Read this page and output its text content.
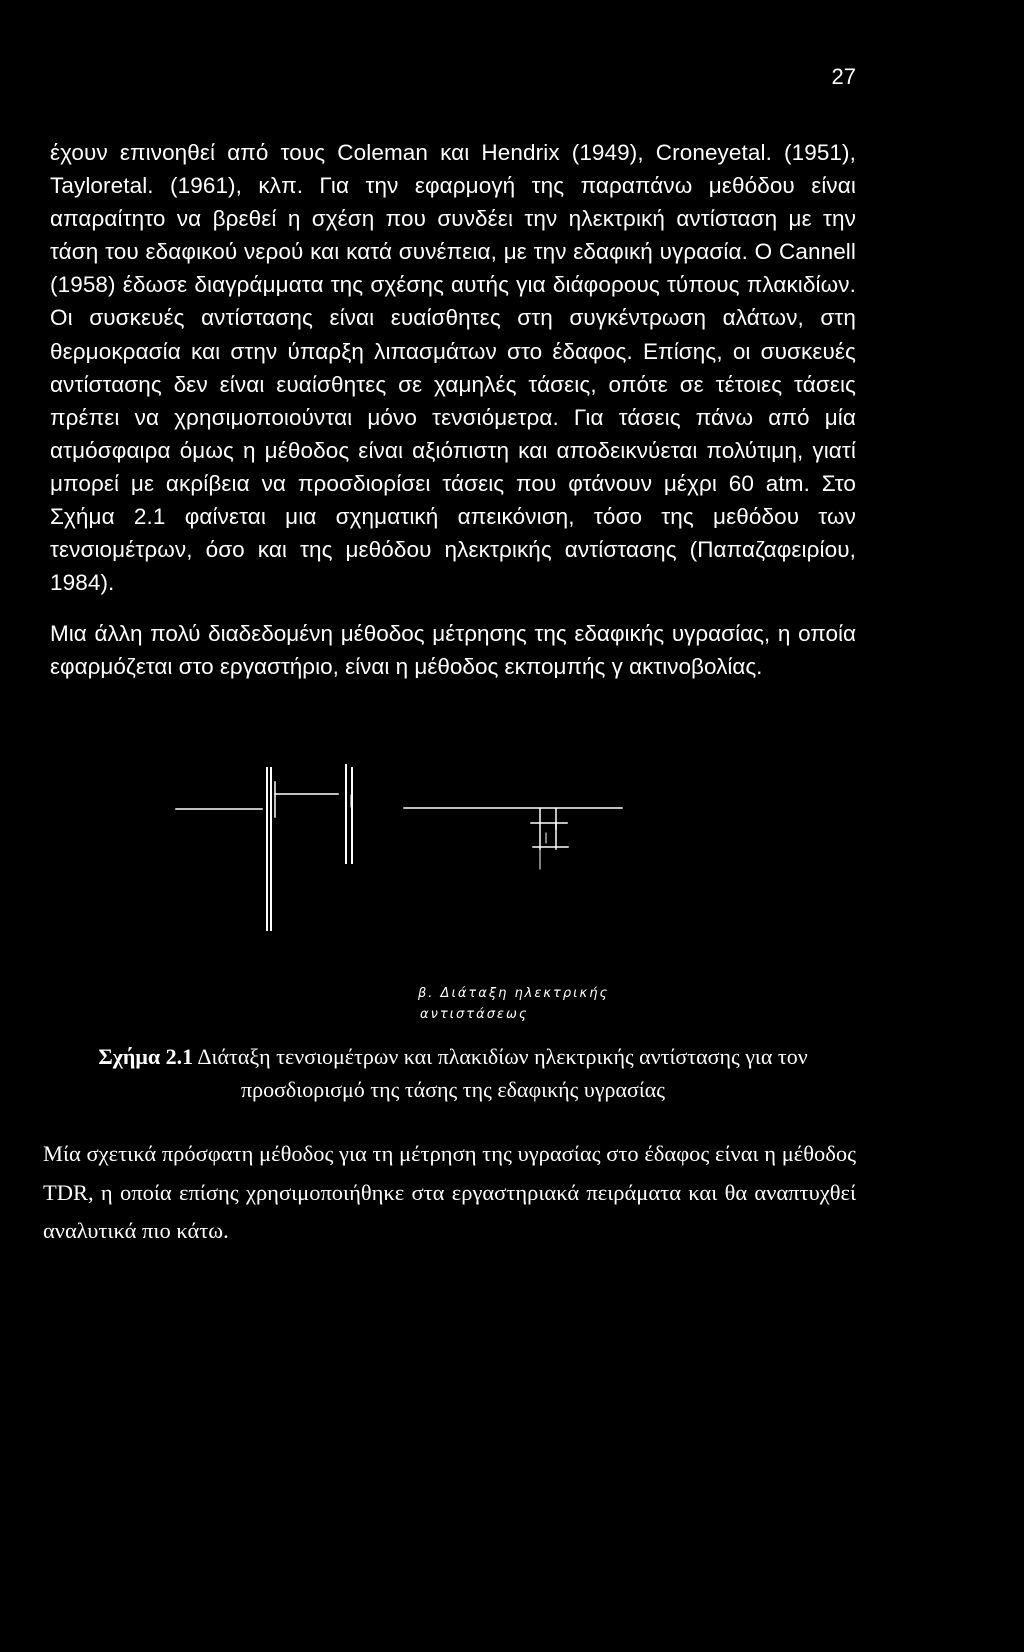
27

έχουν επινοηθεί από τους Coleman και Hendrix (1949), Croneyetal. (1951), Tayloretal. (1961), κλπ. Για την εφαρμογή της παραπάνω μεθόδου είναι απαραίτητο να βρεθεί η σχέση που συνδέει την ηλεκτρική αντίσταση με την τάση του εδαφικού νερού και κατά συνέπεια, με την εδαφική υγρασία. Ο Cannell (1958) έδωσε διαγράμματα της σχέσης αυτής για διάφορους τύπους πλακιδίων. Οι συσκευές αντίστασης είναι ευαίσθητες στη συγκέντρωση αλάτων, στη θερμοκρασία και στην ύπαρξη λιπασμάτων στο έδαφος. Επίσης, οι συσκευές αντίστασης δεν είναι ευαίσθητες σε χαμηλές τάσεις, οπότε σε τέτοιες τάσεις πρέπει να χρησιμοποιούνται μόνο τενσιόμετρα. Για τάσεις πάνω από μία ατμόσφαιρα όμως η μέθοδος είναι αξιόπιστη και αποδεικνύεται πολύτιμη, γιατί μπορεί με ακρίβεια να προσδιορίσει τάσεις που φτάνουν μέχρι 60 atm. Στο Σχήμα 2.1 φαίνεται μια σχηματική απεικόνιση, τόσο της μεθόδου των τενσιομέτρων, όσο και της μεθόδου ηλεκτρικής αντίστασης (Παπαζαφειρίου, 1984).

Μια άλλη πολύ διαδεδομένη μέθοδος μέτρησης της εδαφικής υγρασίας, η οποία εφαρμόζεται στο εργαστήριο, είναι η μέθοδος εκπομπής γ ακτινοβολίας.

β. Διάταξη ηλεκτρικής
αντιστάσεως

Σχήμα 2.1 Διάταξη τενσιομέτρων και πλακιδίων ηλεκτρικής αντίστασης για τον προσδιορισμό της τάσης της εδαφικής υγρασίας

Μία σχετικά πρόσφατη μέθοδος για τη μέτρηση της υγρασίας στο έδαφος είναι η μέθοδος TDR, η οποία επίσης χρησιμοποιήθηκε στα εργαστηριακά πειράματα και θα αναπτυχθεί αναλυτικά πιο κάτω.
